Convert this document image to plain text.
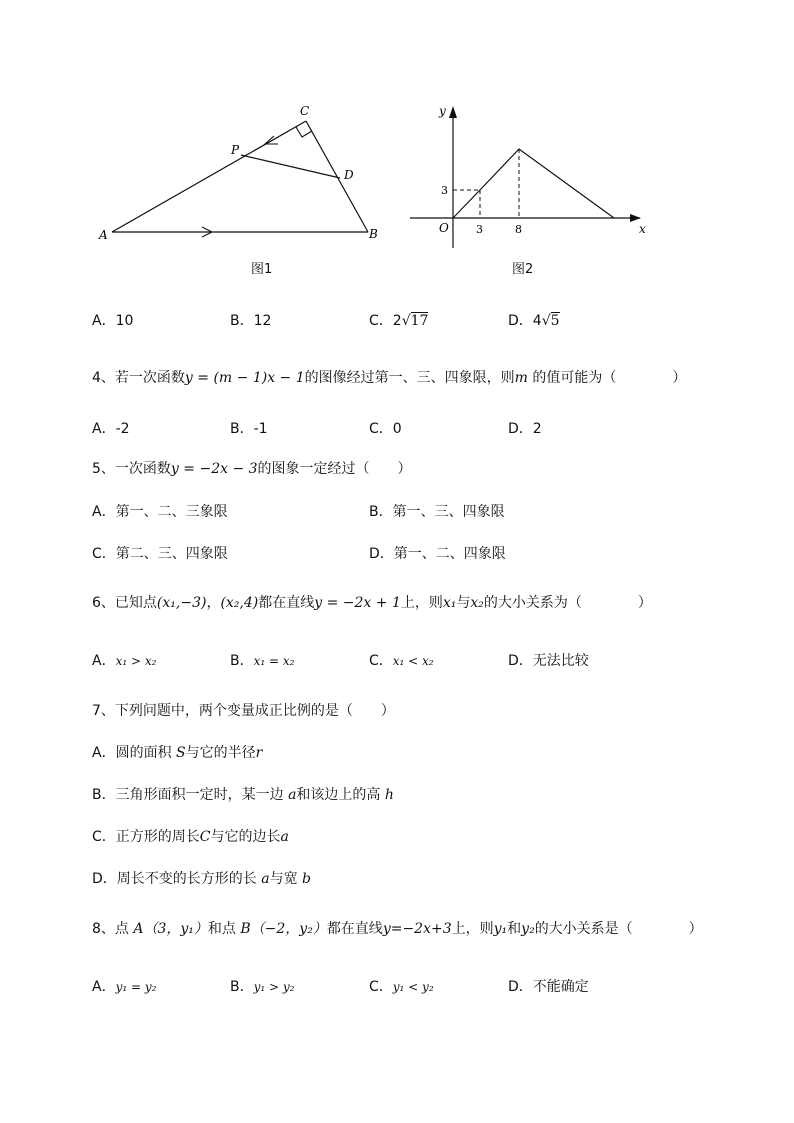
A	B
C
D
P
图1
y
x
O
3
3	8
图2
A．10	B．12	C．2√17	D．4√5
4、若一次函数y = (m − 1)x − 1的图像经过第一、三、四象限，则m 的值可能为（　　　　）
A．-2	B．-1	C．0	D．2
5、一次函数y = −2x − 3的图象一定经过（　　）
A．第一、二、三象限	B．第一、三、四象限
C．第二、三、四象限	D．第一、二、四象限
6、已知点(x₁,−3)，(x₂,4)都在直线y = −2x + 1上，则x₁与x₂的大小关系为（　　　　）
A．x₁ > x₂	B．x₁ = x₂	C．x₁ < x₂	D．无法比较
7、下列问题中，两个变量成正比例的是（　　）
A．圆的面积 S与它的半径r
B．三角形面积一定时，某一边 a和该边上的高 h
C．正方形的周长C与它的边长a
D．周长不变的长方形的长 a与宽 b
8、点 A（3，y₁）和点 B（−2，y₂）都在直线y=−2x+3上，则y₁和y₂的大小关系是（　　　　）
A．y₁ = y₂	B．y₁ > y₂	C．y₁ < y₂	D．不能确定
